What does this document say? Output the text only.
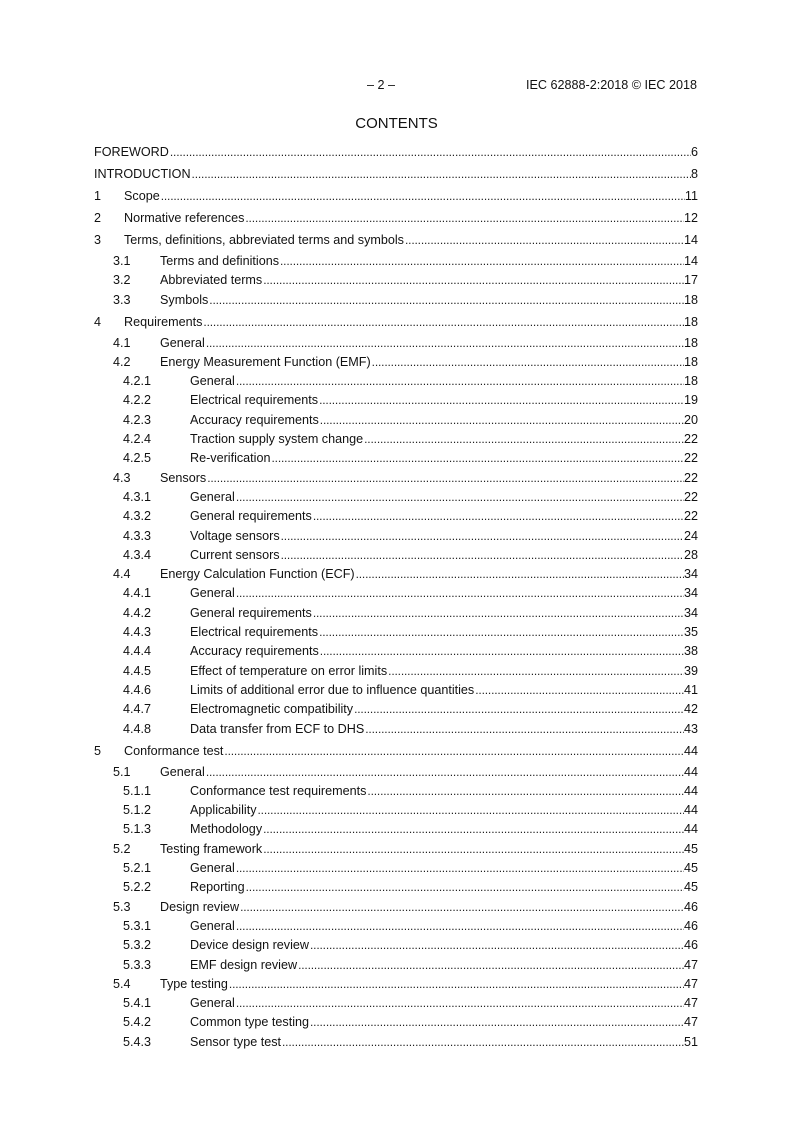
– 2 –	IEC 62888-2:2018 © IEC 2018
CONTENTS
FOREWORD . . .	6
INTRODUCTION . . .	8
1 Scope . . .	11
2 Normative references . . .	12
3 Terms, definitions, abbreviated terms and symbols . . .	14
3.1 Terms and definitions . . .	14
3.2 Abbreviated terms . . .	17
3.3 Symbols . . .	18
4 Requirements . . .	18
4.1 General . . .	18
4.2 Energy Measurement Function (EMF) . . .	18
4.2.1	General . . .	18
4.2.2	Electrical requirements . . .	19
4.2.3	Accuracy requirements . . .	20
4.2.4	Traction supply system change . . .	22
4.2.5	Re-verification . . .	22
4.3 Sensors . . .	22
4.3.1	General . . .	22
4.3.2	General requirements . . .	22
4.3.3	Voltage sensors . . .	24
4.3.4	Current sensors . . .	28
4.4 Energy Calculation Function (ECF) . . .	34
4.4.1	General . . .	34
4.4.2	General requirements . . .	34
4.4.3	Electrical requirements . . .	35
4.4.4	Accuracy requirements . . .	38
4.4.5	Effect of temperature on error limits . . .	39
4.4.6	Limits of additional error due to influence quantities . . .	41
4.4.7	Electromagnetic compatibility . . .	42
4.4.8	Data transfer from ECF to DHS . . .	43
5 Conformance test . . .	44
5.1 General . . .	44
5.1.1	Conformance test requirements . . .	44
5.1.2	Applicability . . .	44
5.1.3	Methodology . . .	44
5.2 Testing framework . . .	45
5.2.1	General . . .	45
5.2.2	Reporting . . .	45
5.3 Design review . . .	46
5.3.1	General . . .	46
5.3.2	Device design review . . .	46
5.3.3	EMF design review . . .	47
5.4 Type testing . . .	47
5.4.1	General . . .	47
5.4.2	Common type testing . . .	47
5.4.3	Sensor type test . . .	51
